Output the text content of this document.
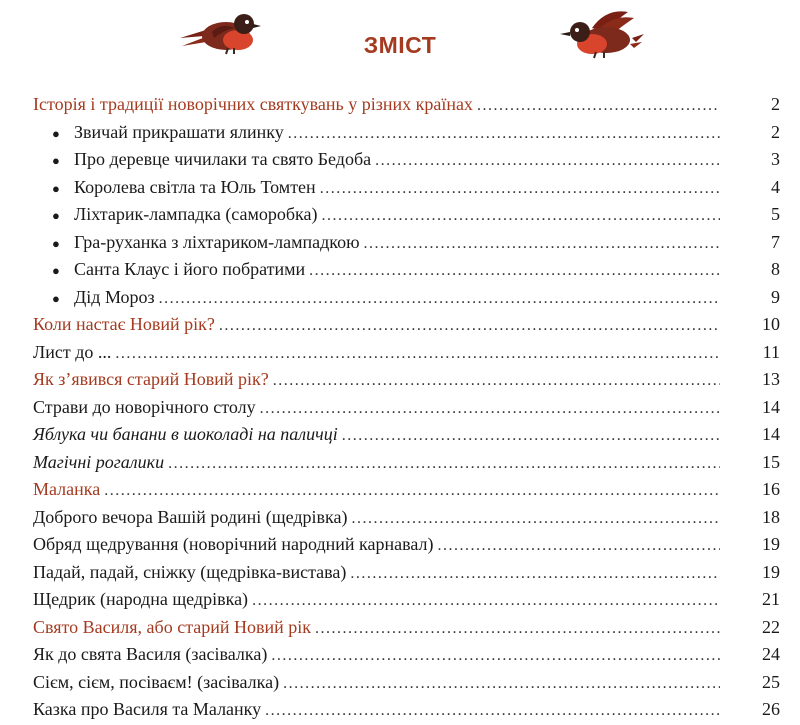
ЗМІСТ
Історія і традиції новорічних святкувань у різних країнах .....	2
● Звичай прикрашати ялинку .....	2
● Про деревце чичилаки та свято Бедоба .....	3
● Королева світла та Юль Томтен .....	4
● Ліхтарик-лампадка (саморобка) .....	5
● Гра-руханка з ліхтариком-лампадкою .....	7
● Санта Клаус і його побратими .....	8
● Дід Мороз .....	9
Коли настає Новий рік? .....	10
Лист до ... .....	11
Як з’явився старий Новий рік? .....	13
Страви до новорічного столу .....	14
Яблука чи банани в шоколаді на паличці .....	14
Магічні рогалики .....	15
Маланка .....	16
Доброго вечора Вашій родині (щедрівка) .....	18
Обряд щедрування (новорічний народний карнавал) .....	19
Падай, падай, сніжку (щедрівка-вистава) .....	19
Щедрик (народна щедрівка) .....	21
Свято Василя, або старий Новий рік .....	22
Як до свята Василя (засівалка) .....	24
Сієм, сієм, посіваєм! (засівалка) .....	25
Казка про Василя та Маланку .....	26
